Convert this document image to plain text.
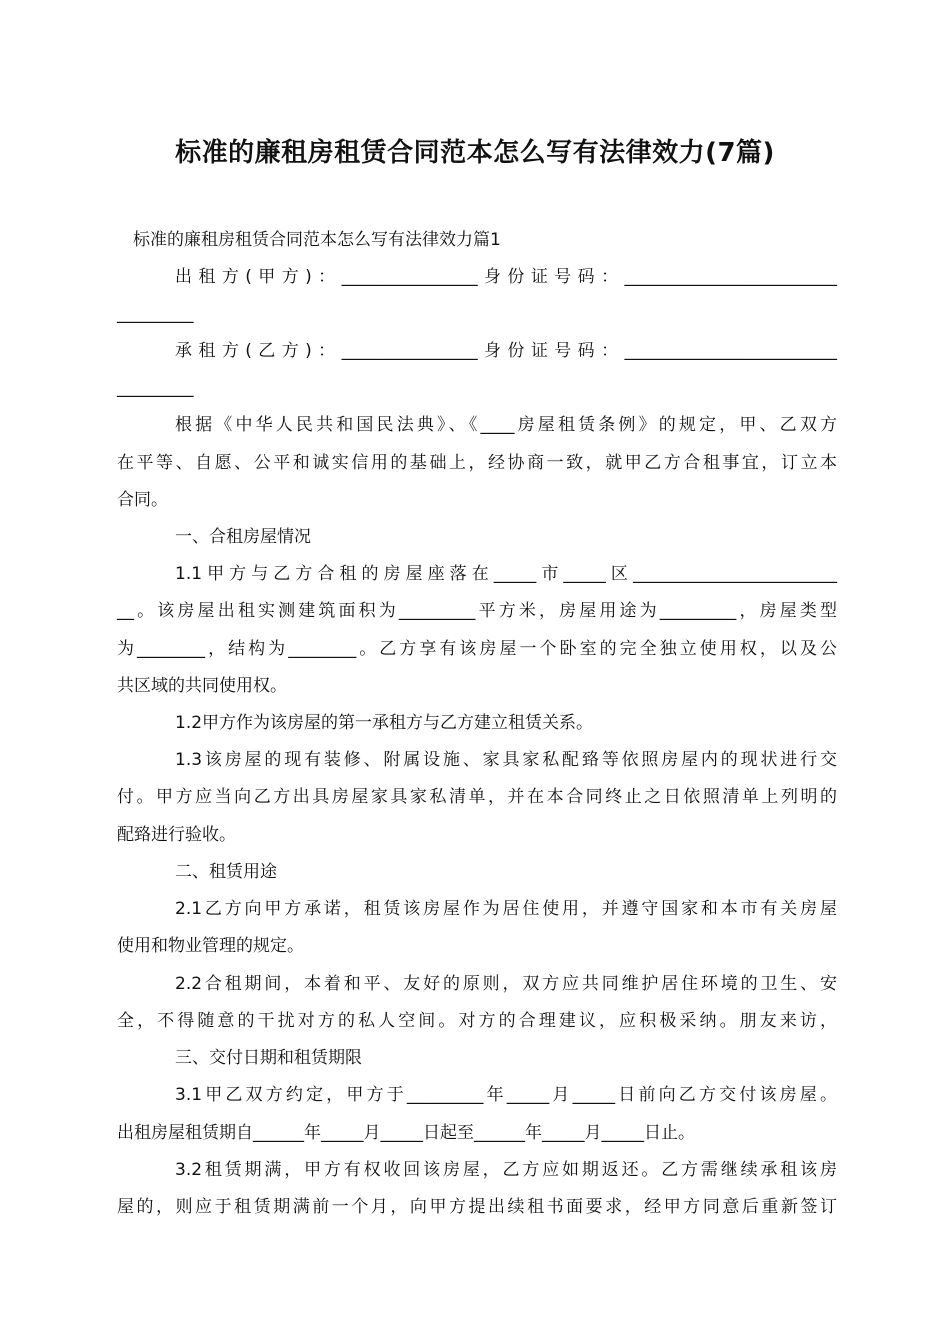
标准的廉租房租赁合同范本怎么写有法律效力(7篇)
标准的廉租房租赁合同范本怎么写有法律效力篇1
出租方(甲方)：________________身份证号码：_________________________
_________
承租方(乙方)：________________身份证号码：_________________________
_________
根据《中华人民共和国民法典》、《____房屋租赁条例》的规定，甲、乙双方
在平等、自愿、公平和诚实信用的基础上，经协商一致，就甲乙方合租事宜，订立本
合同。
一、合租房屋情况
1.1甲方与乙方合租的房屋座落在_____市_____区________________________
__。该房屋出租实测建筑面积为_________平方米，房屋用途为_________，房屋类型
为________，结构为________。乙方享有该房屋一个卧室的完全独立使用权，以及公
共区域的共同使用权。
1.2甲方作为该房屋的第一承租方与乙方建立租赁关系。
1.3该房屋的现有装修、附属设施、家具家私配臵等依照房屋内的现状进行交
付。甲方应当向乙方出具房屋家具家私清单，并在本合同终止之日依照清单上列明的
配臵进行验收。
二、租赁用途
2.1乙方向甲方承诺，租赁该房屋作为居住使用，并遵守国家和本市有关房屋
使用和物业管理的规定。
2.2合租期间，本着和平、友好的原则，双方应共同维护居住环境的卫生、安
全，不得随意的干扰对方的私人空间。对方的合理建议，应积极采纳。朋友来访，
三、交付日期和租赁期限
3.1甲乙双方约定，甲方于_________年_____月_____日前向乙方交付该房屋。
出租房屋租赁期自______年_____月_____日起至______年_____月_____日止。
3.2租赁期满，甲方有权收回该房屋，乙方应如期返还。乙方需继续承租该房
屋的，则应于租赁期满前一个月，向甲方提出续租书面要求，经甲方同意后重新签订
